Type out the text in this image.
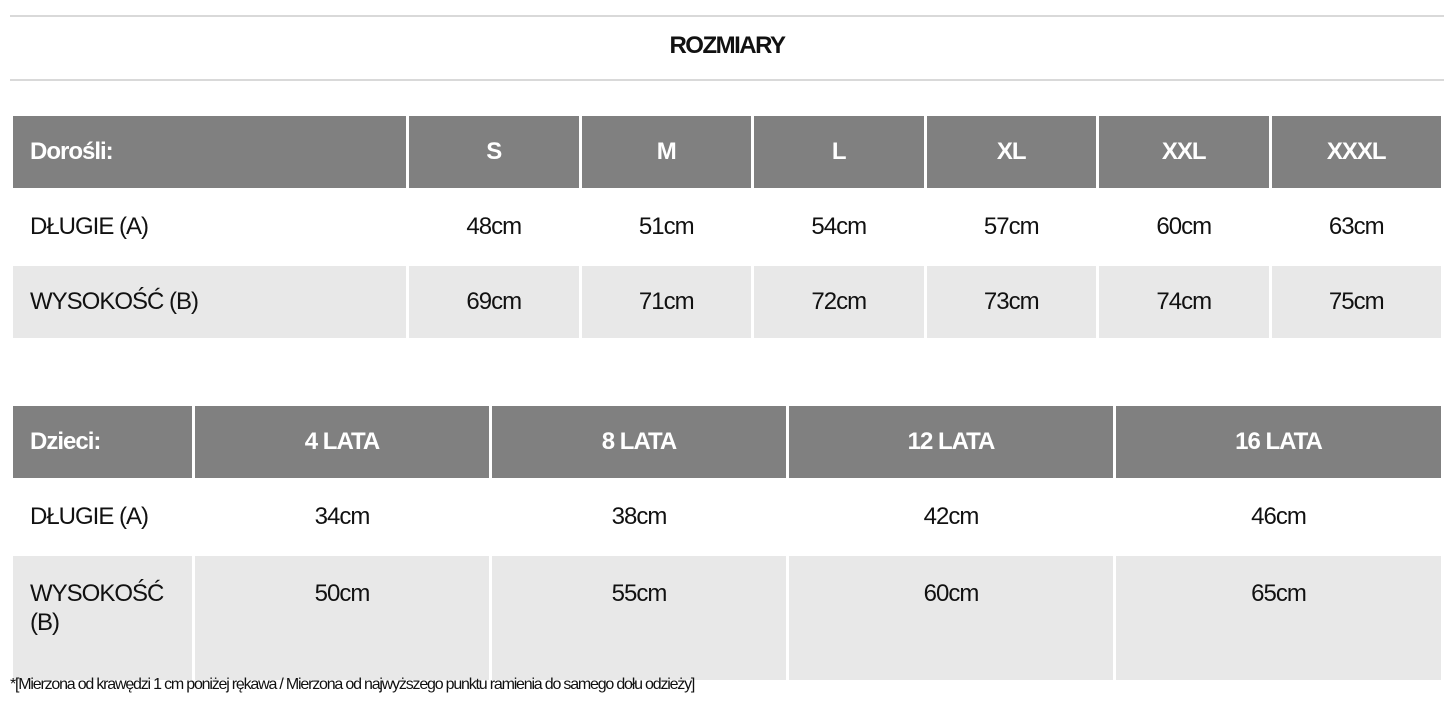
ROZMIARY
Dorośli:	S	M	L	XL	XXL	XXXL
DŁUGIE (A)	48cm	51cm	54cm	57cm	60cm	63cm
WYSOKOŚĆ (B)	69cm	71cm	72cm	73cm	74cm	75cm
Dzieci:	4 LATA	8 LATA	12 LATA	16 LATA
DŁUGIE (A)	34cm	38cm	42cm	46cm
WYSOKOŚĆ (B)	50cm	55cm	60cm	65cm
*[Mierzona od krawędzi 1 cm poniżej rękawa / Mierzona od najwyższego punktu ramienia do samego dołu odzieży]
